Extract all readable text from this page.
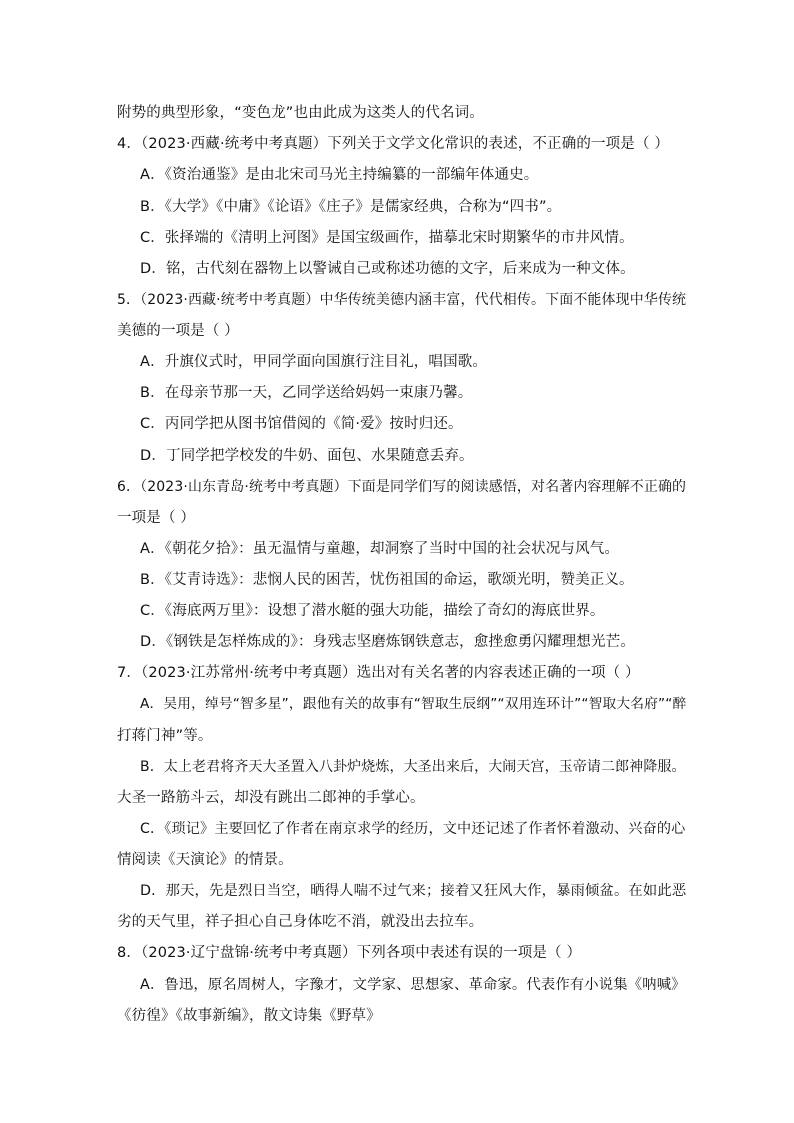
附势的典型形象，“变色龙”也由此成为这类人的代名词。
4．（2023·西藏·统考中考真题）下列关于文学文化常识的表述，不正确的一项是（ ）
A．《资治通鉴》是由北宋司马光主持编纂的一部编年体通史。
B．《大学》《中庸》《论语》《庄子》是儒家经典，合称为“四书”。
C．张择端的《清明上河图》是国宝级画作，描摹北宋时期繁华的市井风情。
D．铭，古代刻在器物上以警诫自己或称述功德的文字，后来成为一种文体。
5．（2023·西藏·统考中考真题）中华传统美德内涵丰富，代代相传。下面不能体现中华传统
美德的一项是（ ）
A．升旗仪式时，甲同学面向国旗行注目礼，唱国歌。
B．在母亲节那一天，乙同学送给妈妈一束康乃馨。
C．丙同学把从图书馆借阅的《简·爱》按时归还。
D．丁同学把学校发的牛奶、面包、水果随意丢弃。
6．（2023·山东青岛·统考中考真题）下面是同学们写的阅读感悟，对名著内容理解不正确的
一项是（ ）
A．《朝花夕拾》：虽无温情与童趣，却洞察了当时中国的社会状况与风气。
B．《艾青诗选》：悲悯人民的困苦，忧伤祖国的命运，歌颂光明，赞美正义。
C．《海底两万里》：设想了潜水艇的强大功能，描绘了奇幻的海底世界。
D．《钢铁是怎样炼成的》：身残志坚磨炼钢铁意志，愈挫愈勇闪耀理想光芒。
7．（2023·江苏常州·统考中考真题）选出对有关名著的内容表述正确的一项（ ）
A．吴用，绰号“智多星”，跟他有关的故事有“智取生辰纲”“双用连环计”“智取大名府”“醉
打蒋门神”等。
B．太上老君将齐天大圣置入八卦炉烧炼，大圣出来后，大闹天宫，玉帝请二郎神降服。
大圣一路筋斗云，却没有跳出二郎神的手掌心。
C．《琐记》主要回忆了作者在南京求学的经历，文中还记述了作者怀着激动、兴奋的心
情阅读《天演论》的情景。
D．那天，先是烈日当空，晒得人喘不过气来；接着又狂风大作，暴雨倾盆。在如此恶
劣的天气里，祥子担心自己身体吃不消，就没出去拉车。
8．（2023·辽宁盘锦·统考中考真题）下列各项中表述有误的一项是（ ）
A．鲁迅，原名周树人，字豫才，文学家、思想家、革命家。代表作有小说集《呐喊》
《彷徨》《故事新编》，散文诗集《野草》
